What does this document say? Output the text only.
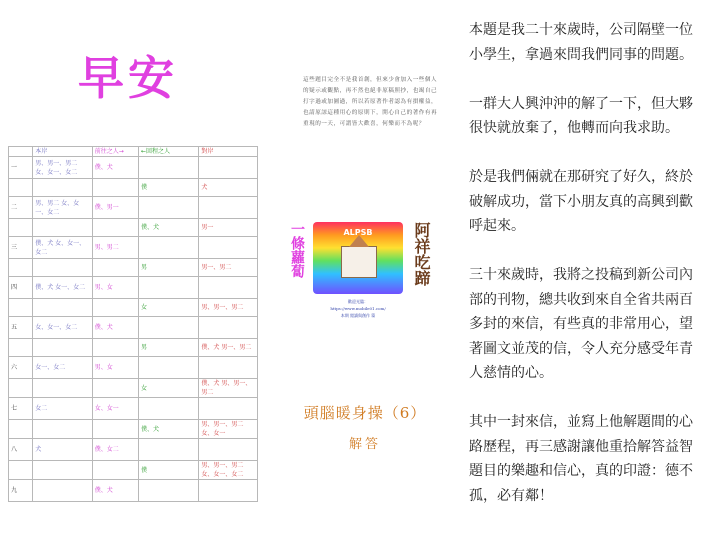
早安
	本岸	前往之人→	←回程之人	對岸
一	男、男一、男二 女、女一、女二	僕、犬		
			僕	犬
二	男、男二 女、女一、女二	僕、男一		
			僕、犬	男一
三	僕、犬 女、女一、女二	男、男二		
			男	男一、男二
四	僕、犬 女一、女二	男、女		
			女	男、男一、男二
五	女、女一、女二	僕、犬		
			男	僕、犬 男一、男二
六	女一、女二	男、女		
			女	僕、犬 男、男一、男二
七	女二	女、女一		
			僕、犬	男、男一、男二 女、女一
八	犬	僕、女二		
			僕	男、男一、男二 女、女一、女二
九		僕、犬		
這些題目完全不是我首創，但來少會加入一些個人的疑示或觀點，再不然也絕非原稿照抄，也竭自己打字過或加圖過，所以若原著作者認為有損權益，也請原諒這種用心的原則下，開心自己的著作有再重現的一天，可謂皆大歡喜，何樂而不為呢？
一條蘿蔔	ALPSB	阿祥吃蹄
歡迎光臨：
https://www.mobile01.com/
本期 閱讀與創作 篇
頭腦暖身操（6）
解答

本題是我二十來歲時，公司隔壁一位小學生，拿過來問我們同事的問題。

一群大人興沖沖的解了一下，但大夥很快就放棄了，他轉而向我求助。

於是我們倆就在那研究了好久，終於破解成功，當下小朋友真的高興到歡呼起來。

三十來歲時，我將之投稿到新公司內部的刊物，總共收到來自全省共兩百多封的來信，有些真的非常用心，望著圖文並茂的信，令人充分感受年青人慈情的心。

其中一封來信，並寫上他解題間的心路歷程，再三感謝讓他重拾解答益智題目的樂趣和信心，真的印證：德不孤，必有鄰！
